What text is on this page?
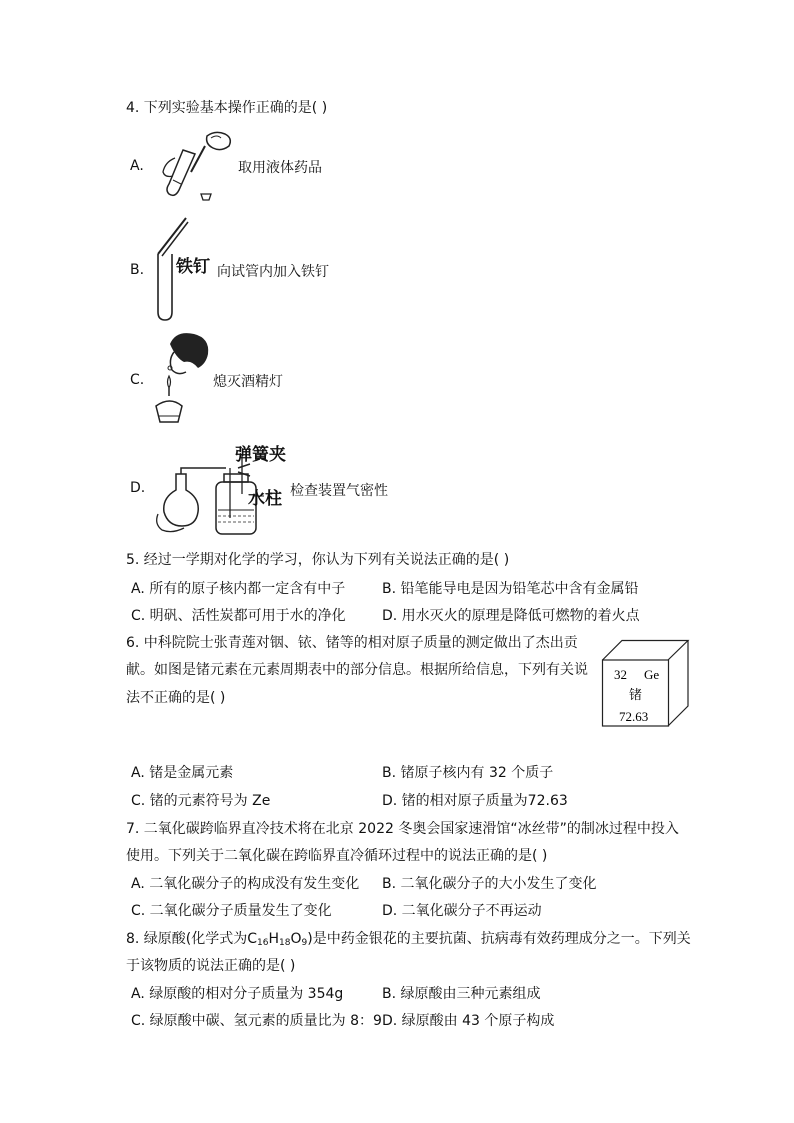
4. 下列实验基本操作正确的是( )
A.	取用液体药品
B. 铁钉 向试管内加入铁钉
C.	熄灭酒精灯
D.
弹簧夹
水柱 检查装置气密性
5. 经过一学期对化学的学习，你认为下列有关说法正确的是( )
A. 所有的原子核内都一定含有中子	B. 铅笔能导电是因为铅笔芯中含有金属铅
C. 明矾、活性炭都可用于水的净化	D. 用水灭火的原理是降低可燃物的着火点
6. 中科院院士张青莲对铟、铱、锗等的相对原子质量的测定做出了杰出贡
献。如图是锗元素在元素周期表中的部分信息。根据所给信息，下列有关说
法不正确的是( )
32 Ge
锗
72.63
A. 锗是金属元素	B. 锗原子核内有 32 个质子
C. 锗的元素符号为 Ze	D. 锗的相对原子质量为72.63
7. 二氧化碳跨临界直冷技术将在北京 2022 冬奥会国家速滑馆“冰丝带”的制冰过程中投入
使用。下列关于二氧化碳在跨临界直冷循环过程中的说法正确的是( )
A. 二氧化碳分子的构成没有发生变化 B. 二氧化碳分子的大小发生了变化
C. 二氧化碳分子质量发生了变化	D. 二氧化碳分子不再运动
8. 绿原酸(化学式为$C_{16}H_{18}O_9$)是中药金银花的主要抗菌、抗病毒有效药理成分之一。下列关
于该物质的说法正确的是( )
A. 绿原酸的相对分子质量为 354g	B. 绿原酸由三种元素组成
C. 绿原酸中碳、氢元素的质量比为 8：9 D. 绿原酸由 43 个原子构成
